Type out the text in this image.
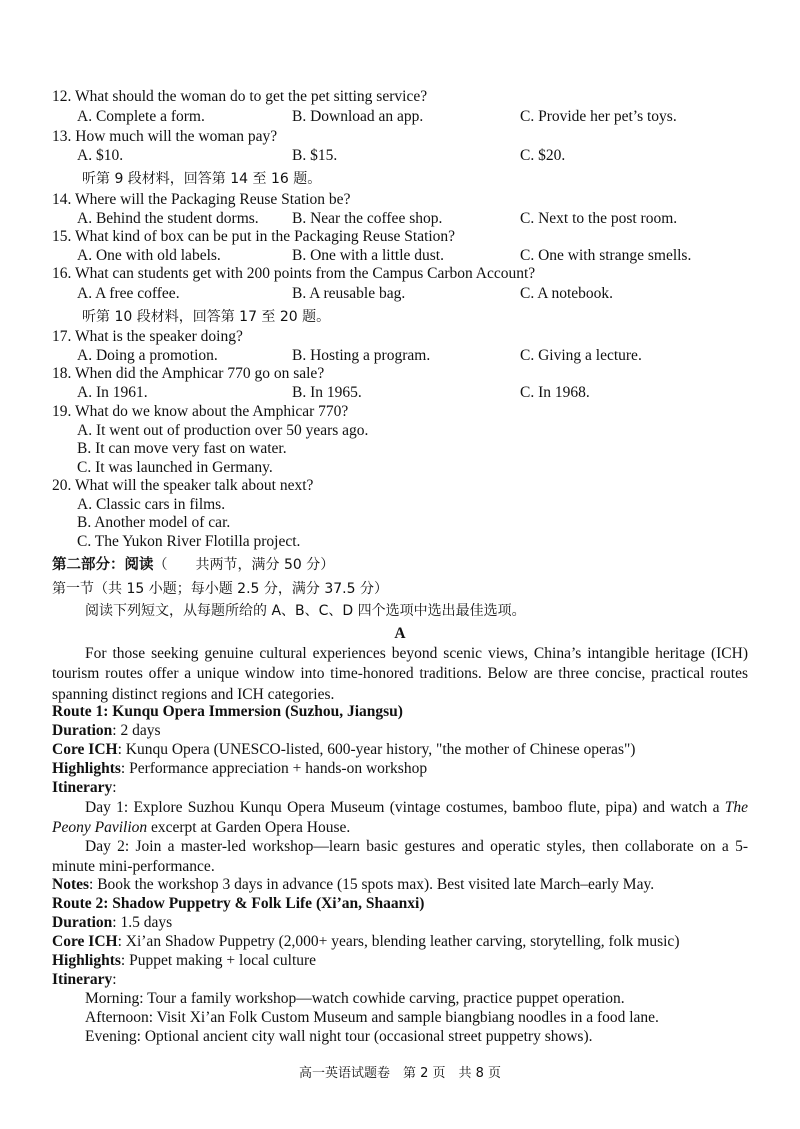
12. What should the woman do to get the pet sitting service?
A. Complete a form.	B. Download an app.	C. Provide her pet’s toys.
13. How much will the woman pay?
A. $10.	B. $15.	C. $20.
听第 9 段材料，回答第 14 至 16 题。
14. Where will the Packaging Reuse Station be?
A. Behind the student dorms. B. Near the coffee shop.	C. Next to the post room.
15. What kind of box can be put in the Packaging Reuse Station?
A. One with old labels.	B. One with a little dust.	C. One with strange smells.
16. What can students get with 200 points from the Campus Carbon Account?
A. A free coffee.	B. A reusable bag.	C. A notebook.
听第 10 段材料，回答第 17 至 20 题。
17. What is the speaker doing?
A. Doing a promotion.	B. Hosting a program.	C. Giving a lecture.
18. When did the Amphicar 770 go on sale?
A. In 1961.	B. In 1965.	C. In 1968.
19. What do we know about the Amphicar 770?
A. It went out of production over 50 years ago.
B. It can move very fast on water.
C. It was launched in Germany.
20. What will the speaker talk about next?
A. Classic cars in films.
B. Another model of car.
C. The Yukon River Flotilla project.
第二部分：阅读（　　共两节，满分 50 分）
第一节（共 15 小题；每小题 2.5 分，满分 37.5 分）
阅读下列短文，从每题所给的 A、B、C、D 四个选项中选出最佳选项。
A
For those seeking genuine cultural experiences beyond scenic views, China’s intangible heritage (ICH) tourism routes offer a unique window into time-honored traditions. Below are three concise, practical routes spanning distinct regions and ICH categories.
Route 1: Kunqu Opera Immersion (Suzhou, Jiangsu)
Duration: 2 days
Core ICH: Kunqu Opera (UNESCO-listed, 600-year history, "the mother of Chinese operas")
Highlights: Performance appreciation + hands-on workshop
Itinerary:
Day 1: Explore Suzhou Kunqu Opera Museum (vintage costumes, bamboo flute, pipa) and watch a The Peony Pavilion excerpt at Garden Opera House.
Day 2: Join a master-led workshop—learn basic gestures and operatic styles, then collaborate on a 5-minute mini-performance.
Notes: Book the workshop 3 days in advance (15 spots max). Best visited late March–early May.
Route 2: Shadow Puppetry & Folk Life (Xi’an, Shaanxi)
Duration: 1.5 days
Core ICH: Xi’an Shadow Puppetry (2,000+ years, blending leather carving, storytelling, folk music)
Highlights: Puppet making + local culture
Itinerary:
Morning: Tour a family workshop—watch cowhide carving, practice puppet operation.
Afternoon: Visit Xi’an Folk Custom Museum and sample biangbiang noodles in a food lane.
Evening: Optional ancient city wall night tour (occasional street puppetry shows).
高一英语试题卷　第 2 页　共 8 页
